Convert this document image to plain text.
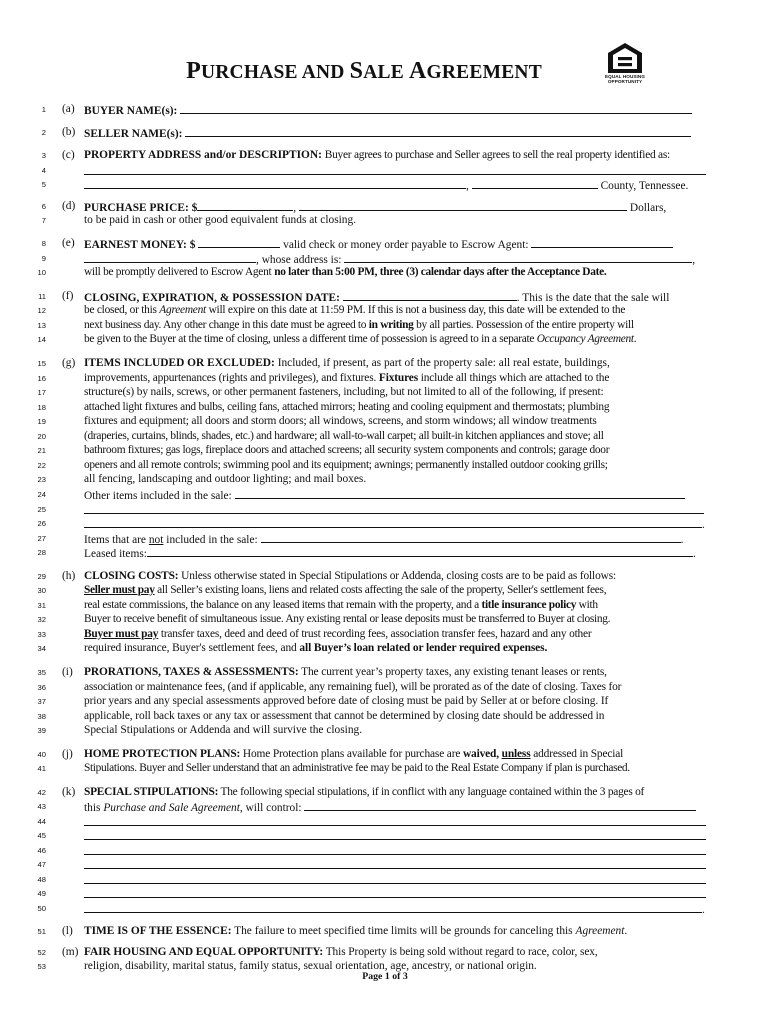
PURCHASE AND SALE AGREEMENT	EQUAL HOUSING
OPPORTUNITY
1 (a) BUYER NAME(s):
2 (b) SELLER NAME(s):
3 (c) PROPERTY ADDRESS and/or DESCRIPTION: Buyer agrees to purchase and Seller agrees to sell the real property identified as:
4
5	,	County, Tennessee.
6 (d) PURCHASE PRICE: $	,	Dollars,
7	to be paid in cash or other good equivalent funds at closing.
8 (e) EARNEST MONEY: $	valid check or money order payable to Escrow Agent:
9	, whose address is:	,
10	will be promptly delivered to Escrow Agent no later than 5:00 PM, three (3) calendar days after the Acceptance Date.
11 (f) CLOSING, EXPIRATION, & POSSESSION DATE:	. This is the date that the sale will
12	be closed, or this Agreement will expire on this date at 11:59 PM. If this is not a business day, this date will be extended to the
13	next business day. Any other change in this date must be agreed to in writing by all parties. Possession of the entire property will
14	be given to the Buyer at the time of closing, unless a different time of possession is agreed to in a separate Occupancy Agreement.
15 (g) ITEMS INCLUDED OR EXCLUDED: Included, if present, as part of the property sale: all real estate, buildings,
16	improvements, appurtenances (rights and privileges), and fixtures. Fixtures include all things which are attached to the
17	structure(s) by nails, screws, or other permanent fasteners, including, but not limited to all of the following, if present:
18	attached light fixtures and bulbs, ceiling fans, attached mirrors; heating and cooling equipment and thermostats; plumbing
19	fixtures and equipment; all doors and storm doors; all windows, screens, and storm windows; all window treatments
20	(draperies, curtains, blinds, shades, etc.) and hardware; all wall-to-wall carpet; all built-in kitchen appliances and stove; all
21	bathroom fixtures; gas logs, fireplace doors and attached screens; all security system components and controls; garage door
22	openers and all remote controls; swimming pool and its equipment; awnings; permanently installed outdoor cooking grills;
23	all fencing, landscaping and outdoor lighting; and mail boxes.
24	Other items included in the sale:
25
26	.
27	Items that are not included in the sale:	.
28	Leased items:	.
29 (h) CLOSING COSTS: Unless otherwise stated in Special Stipulations or Addenda, closing costs are to be paid as follows:
30	Seller must pay all Seller’s existing loans, liens and related costs affecting the sale of the property, Seller's settlement fees,
31	real estate commissions, the balance on any leased items that remain with the property, and a title insurance policy with
32	Buyer to receive benefit of simultaneous issue. Any existing rental or lease deposits must be transferred to Buyer at closing.
33	Buyer must pay transfer taxes, deed and deed of trust recording fees, association transfer fees, hazard and any other
34	required insurance, Buyer's settlement fees, and all Buyer’s loan related or lender required expenses.
35 (i) PRORATIONS, TAXES & ASSESSMENTS: The current year’s property taxes, any existing tenant leases or rents,
36	association or maintenance fees, (and if applicable, any remaining fuel), will be prorated as of the date of closing. Taxes for
37	prior years and any special assessments approved before date of closing must be paid by Seller at or before closing. If
38	applicable, roll back taxes or any tax or assessment that cannot be determined by closing date should be addressed in
39	Special Stipulations or Addenda and will survive the closing.
40 (j) HOME PROTECTION PLANS: Home Protection plans available for purchase are waived, unless addressed in Special
41	Stipulations. Buyer and Seller understand that an administrative fee may be paid to the Real Estate Company if plan is purchased.
42 (k) SPECIAL STIPULATIONS: The following special stipulations, if in conflict with any language contained within the 3 pages of
43	this Purchase and Sale Agreement, will control:
44
45
46
47
48
49
50	.
51 (l) TIME IS OF THE ESSENCE: The failure to meet specified time limits will be grounds for canceling this Agreement.
52 (m) FAIR HOUSING AND EQUAL OPPORTUNITY: This Property is being sold without regard to race, color, sex,
53	religion, disability, marital status, family status, sexual orientation, age, ancestry, or national origin.
Page 1 of 3
